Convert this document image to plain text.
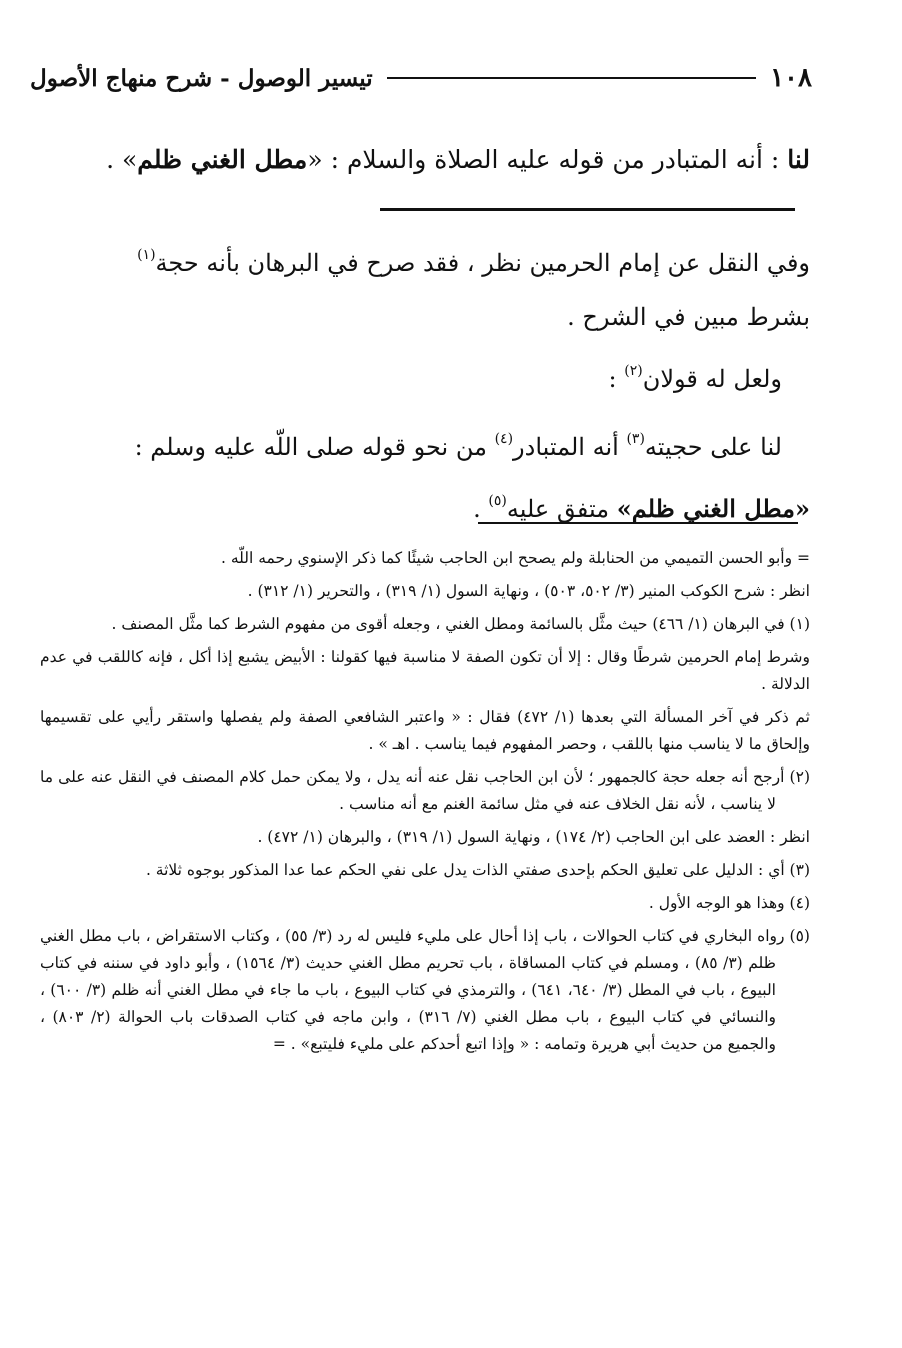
١٠٨
تيسير الوصول - شرح منهاج الأصول
لنا : أنه المتبادر من قوله عليه الصلاة والسلام : «مطل الغني ظلم» .

وفي النقل عن إمام الحرمين نظر ، فقد صرح في البرهان بأنه حجة$^{(١)}$

بشرط مبين في الشرح .

ولعل له قولان$^{(٢)}$ :

لنا على حجيته$^{(٣)}$ أنه المتبادر$^{(٤)}$ من نحو قوله صلى اللّه عليه وسلم :

«مطل الغني ظلم» متفق عليه$^{(٥)}$ .

= وأبو الحسن التميمي من الحنابلة ولم يصحح ابن الحاجب شيئًا كما ذكر الإسنوي رحمه اللّه .

انظر : شرح الكوكب المنير (٣/ ٥٠٢، ٥٠٣) ، ونهاية السول (١/ ٣١٩) ، والتحرير (١/ ٣١٢) .

(١) في البرهان (١/ ٤٦٦) حيث مثَّل بالسائمة ومطل الغني ، وجعله أقوى من مفهوم الشرط كما مثَّل المصنف .

وشرط إمام الحرمين شرطًا وقال : إلا أن تكون الصفة لا مناسبة فيها كقولنا : الأبيض يشبع إذا أكل ، فإنه كاللقب في عدم الدلالة .

ثم ذكر في آخر المسألة التي بعدها (١/ ٤٧٢) فقال : « واعتبر الشافعي الصفة ولم يفصلها واستقر رأيي على تقسيمها وإلحاق ما لا يناسب منها باللقب ، وحصر المفهوم فيما يناسب . اهـ » .

(٢) أرجح أنه جعله حجة كالجمهور ؛ لأن ابن الحاجب نقل عنه أنه يدل ، ولا يمكن حمل كلام المصنف في النقل عنه على ما لا يناسب ، لأنه نقل الخلاف عنه في مثل سائمة الغنم مع أنه مناسب .

انظر : العضد على ابن الحاجب (٢/ ١٧٤) ، ونهاية السول (١/ ٣١٩) ، والبرهان (١/ ٤٧٢) .

(٣) أي : الدليل على تعليق الحكم بإحدى صفتي الذات يدل على نفي الحكم عما عدا المذكور بوجوه ثلاثة .

(٤) وهذا هو الوجه الأول .

(٥) رواه البخاري في كتاب الحوالات ، باب إذا أحال على مليء فليس له رد (٣/ ٥٥) ، وكتاب الاستقراض ، باب مطل الغني ظلم (٣/ ٨٥) ، ومسلم في كتاب المساقاة ، باب تحريم مطل الغني حديث (٣/ ١٥٦٤) ، وأبو داود في سننه في كتاب البيوع ، باب في المطل (٣/ ٦٤٠، ٦٤١) ، والترمذي في كتاب البيوع ، باب ما جاء في مطل الغني أنه ظلم (٣/ ٦٠٠) ، والنسائي في كتاب البيوع ، باب مطل الغني (٧/ ٣١٦) ، وابن ماجه في كتاب الصدقات باب الحوالة (٢/ ٨٠٣) ، والجميع من حديث أبي هريرة وتمامه : « وإذا اتبع أحدكم على مليء فليتبع» . =
